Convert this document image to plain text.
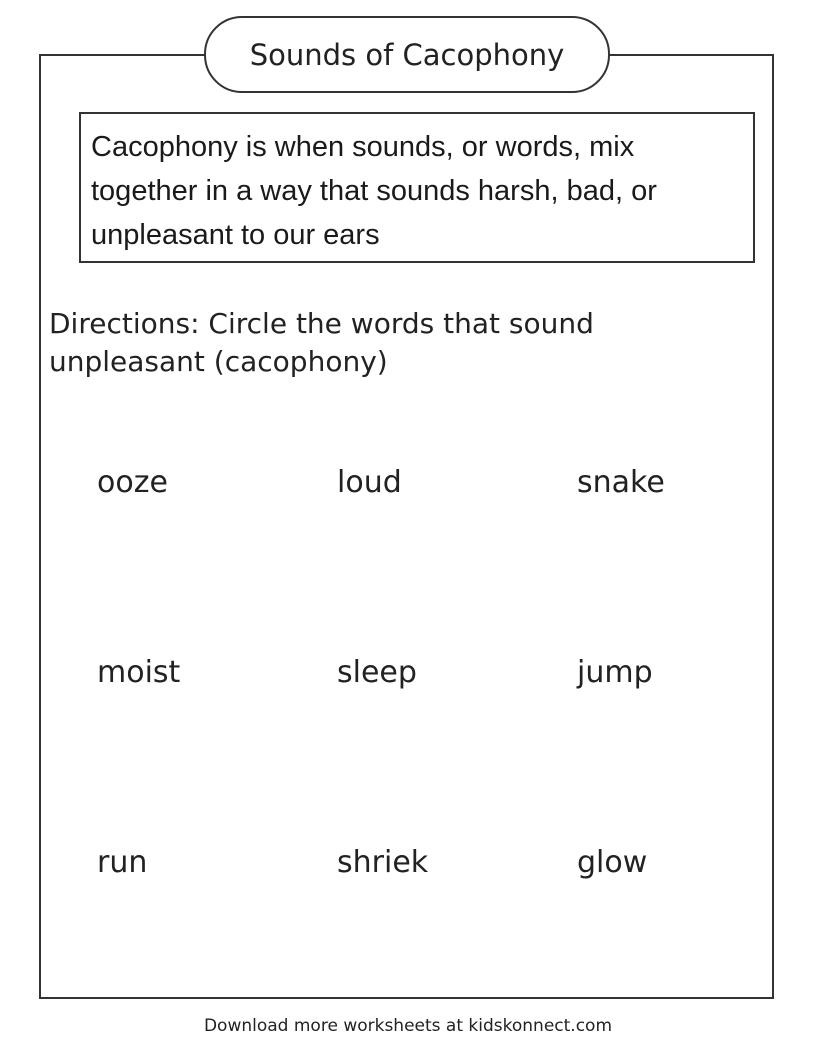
Sounds of Cacophony
Cacophony is when sounds, or words, mix together in a way that sounds harsh, bad, or unpleasant to our ears
Directions: Circle the words that sound unpleasant (cacophony)
ooze	loud	snake
moist	sleep	jump
run	shriek	glow
Download more worksheets at kidskonnect.com
